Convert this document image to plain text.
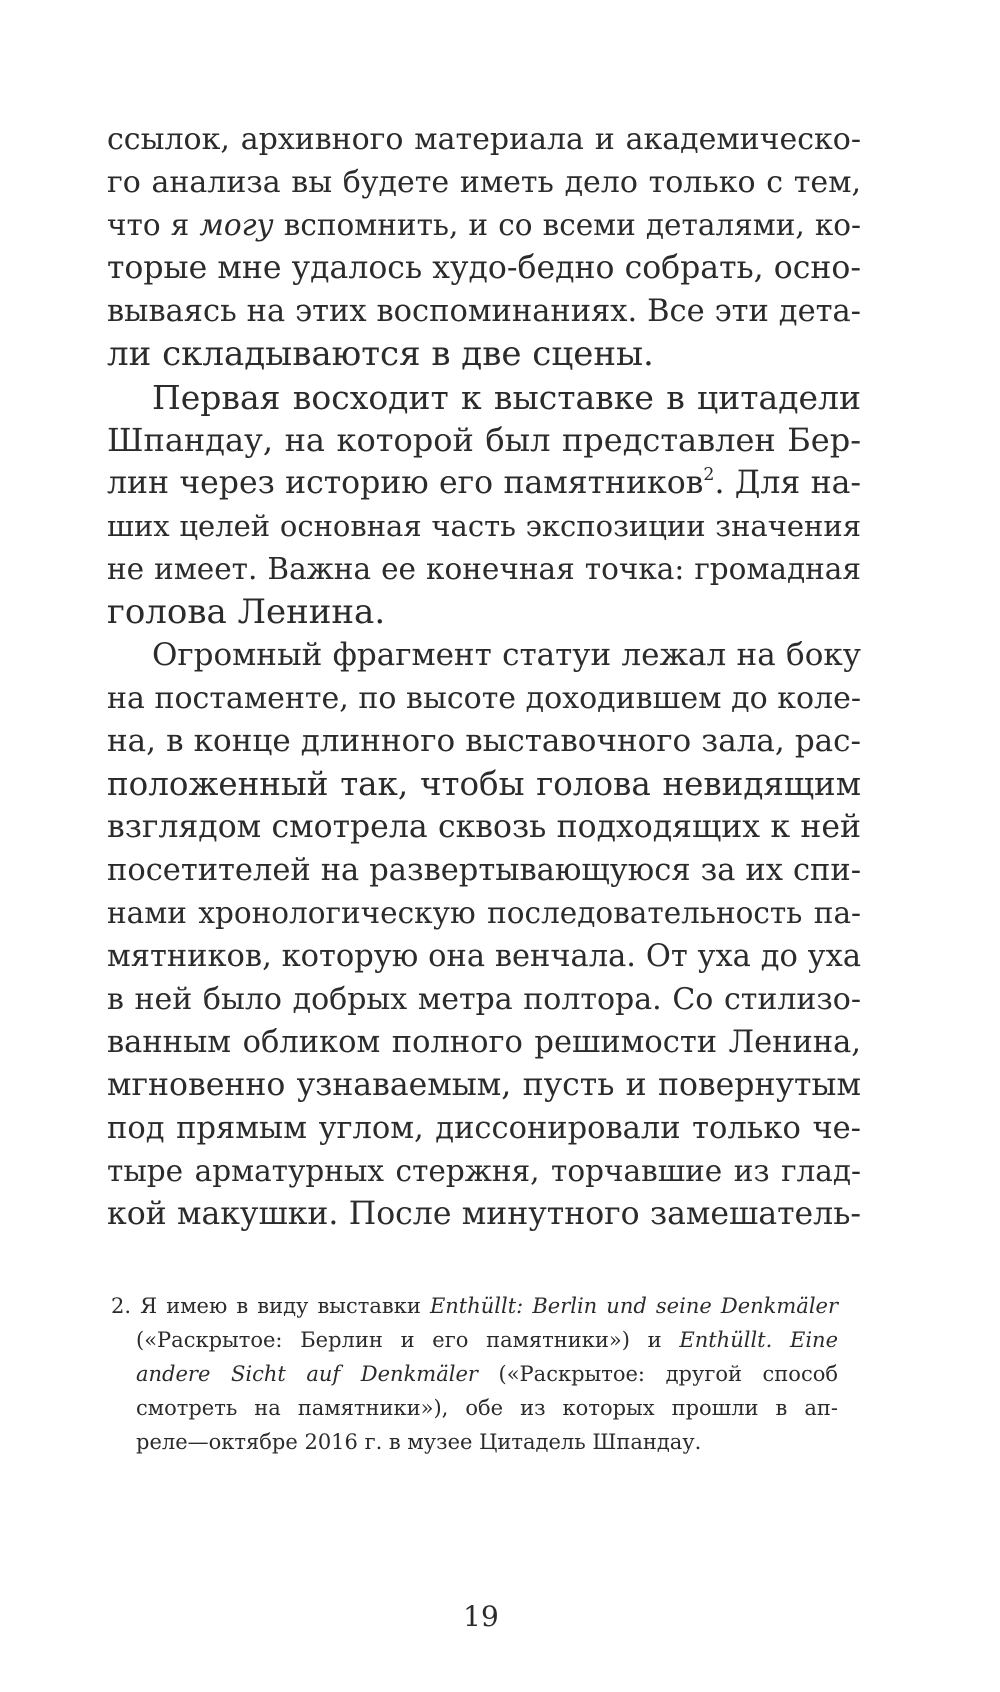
ссылок, архивного материала и академическо-
го анализа вы будете иметь дело только с тем,
что я могу вспомнить, и со всеми деталями, ко-
торые мне удалось худо-бедно собрать, осно-
вываясь на этих воспоминаниях. Все эти дета-
ли складываются в две сцены.
Первая восходит к выставке в цитадели
Шпандау, на которой был представлен Бер-
лин через историю его памятников$^2$. Для на-
ших целей основная часть экспозиции значения
не имеет. Важна ее конечная точка: громадная
голова Ленина.
Огромный фрагмент статуи лежал на боку
на постаменте, по высоте доходившем до коле-
на, в конце длинного выставочного зала, рас-
положенный так, чтобы голова невидящим
взглядом смотрела сквозь подходящих к ней
посетителей на развертывающуюся за их спи-
нами хронологическую последовательность па-
мятников, которую она венчала. От уха до уха
в ней было добрых метра полтора. Со стилизо-
ванным обликом полного решимости Ленина,
мгновенно узнаваемым, пусть и повернутым
под прямым углом, диссонировали только че-
тыре арматурных стержня, торчавшие из глад-
кой макушки. После минутного замешатель-
2. Я имею в виду выставки Enthüllt: Berlin und seine Denkmäler
(«Раскрытое: Берлин и его памятники») и Enthüllt. Eine
andere Sicht auf Denkmäler («Раскрытое: другой способ
смотреть на памятники»), обе из которых прошли в ап-
реле—октябре 2016 г. в музее Цитадель Шпандау.
19
